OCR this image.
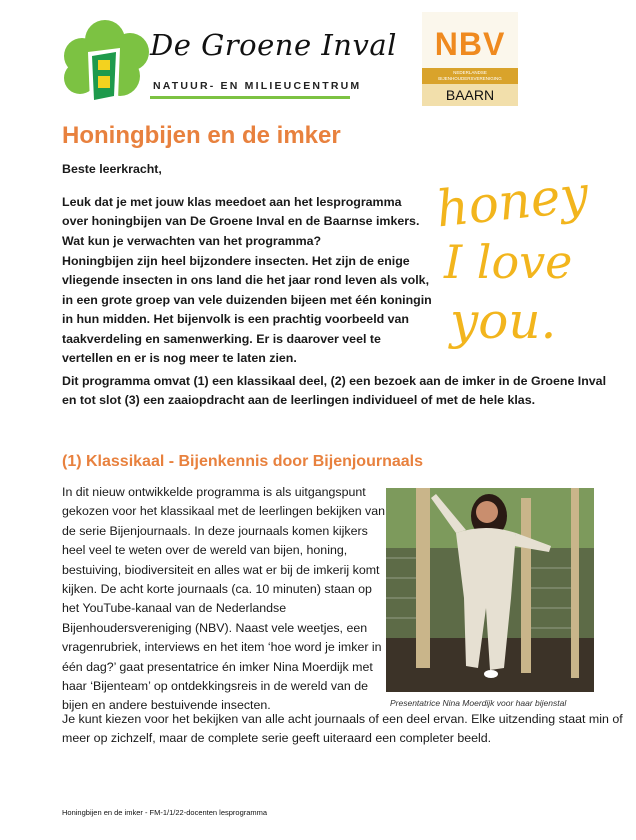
De Groene Inval
NATUUR- EN MILIEUCENTRUM
NBV
NEDERLANDSE BIJENHOUDERSVERENIGING
BAARN
Honingbijen en de imker

Beste leerkracht,

Leuk dat je met jouw klas meedoet aan het lesprogramma over honingbijen van De Groene Inval en de Baarnse imkers. Wat kun je verwachten van het programma?

Honingbijen zijn heel bijzondere insecten. Het zijn de enige vliegende insecten in ons land die het jaar rond leven als volk, in een grote groep van vele duizenden bijeen met één koningin in hun midden. Het bijenvolk is een prachtig voorbeeld van taakverdeling en samenwerking. Er is daarover veel te vertellen en er is nog meer te laten zien.

Dit programma omvat (1) een klassikaal deel, (2) een bezoek aan de imker in de Groene Inval en tot slot (3) een zaaiopdracht aan de leerlingen individueel of met de hele klas.

honey
I love
you.
(1) Klassikaal - Bijenkennis door Bijenjournaals

In dit nieuw ontwikkelde programma is als uitgangspunt gekozen voor het klassikaal met de leerlingen bekijken van de serie Bijenjournaals. In deze journaals komen kijkers heel veel te weten over de wereld van bijen, honing, bestuiving, biodiversiteit en alles wat er bij de imkerij komt kijken. De acht korte journaals (ca. 10 minuten) staan op het YouTube-kanaal van de Nederlandse Bijenhoudersvereniging (NBV). Naast vele weetjes, een vragenrubriek, interviews en het item ‘hoe word je imker in één dag?’ gaat presentatrice én imker Nina Moerdijk met haar ‘Bijenteam’ op ontdekkingsreis in de wereld van de bijen en andere bestuivende insecten.	Presentatrice Nina Moerdijk voor haar bijenstal

Je kunt kiezen voor het bekijken van alle acht journaals of een deel ervan. Elke uitzending staat min of meer op zichzelf, maar de complete serie geeft uiteraard een completer beeld.

Honingbijen en de imker - FM-1/1/22-docenten lesprogramma
